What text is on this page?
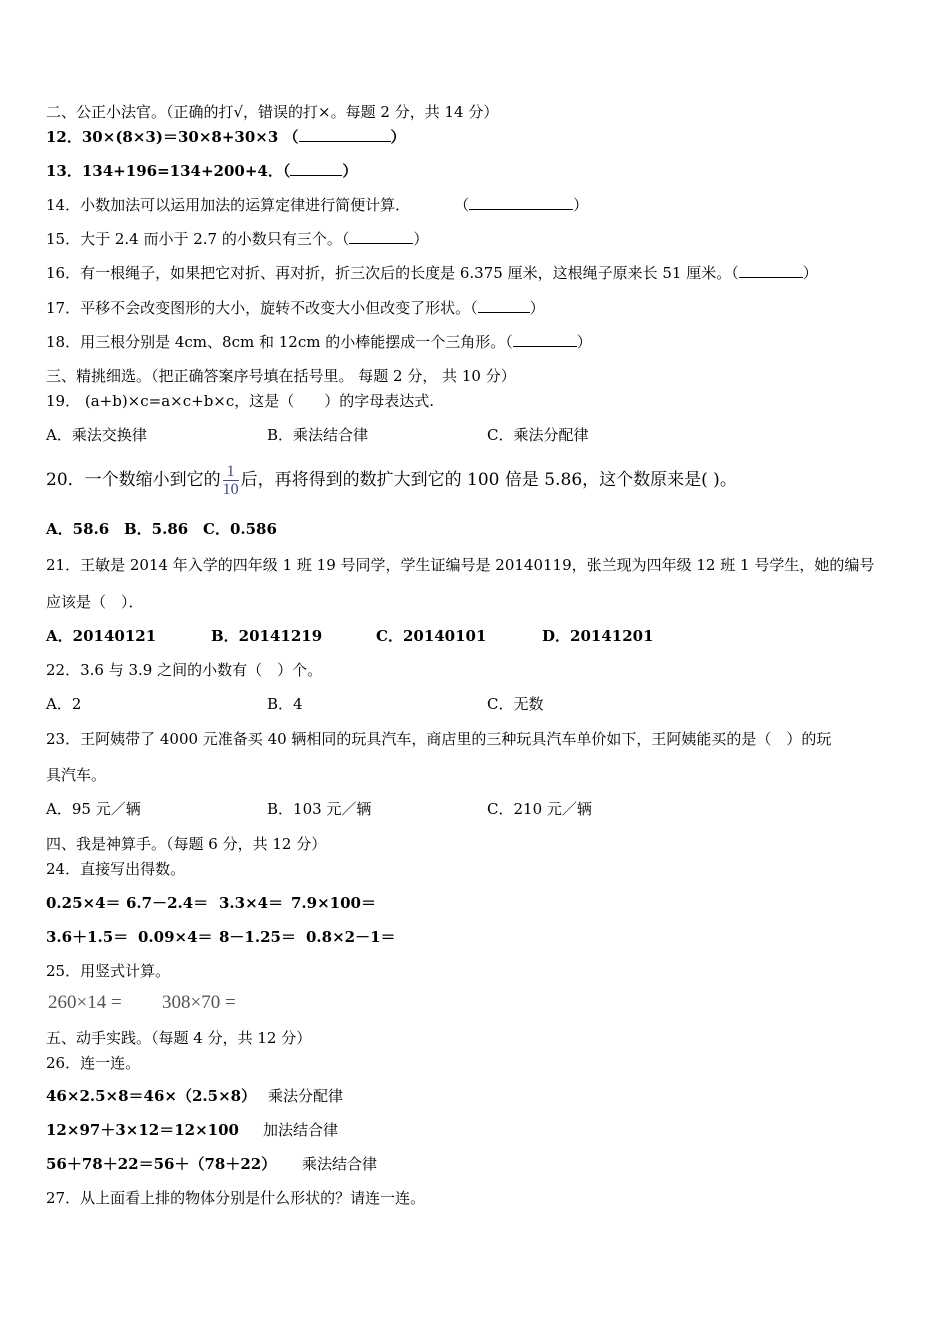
二、公正小法官。（正确的打√，错误的打×。每题 2 分，共 14 分）
12．30×(8×3)＝30×8+30×3 （	）
13．134+196=134+200+4．（	）
14．小数加法可以运用加法的运算定律进行简便计算．	（	）
15．大于 2.4 而小于 2.7 的小数只有三个。（	）
16．有一根绳子，如果把它对折、再对折，折三次后的长度是 6.375 厘米，这根绳子原来长 51 厘米。（	）
17．平移不会改变图形的大小，旋转不改变大小但改变了形状。（	）
18．用三根分别是 4cm、8cm 和 12cm 的小棒能摆成一个三角形。（	）
三、精挑细选。（把正确答案序号填在括号里。 每题 2 分， 共 10 分）
19． (a+b)×c=a×c+b×c，这是（　　）的字母表达式.
A．乘法交换律	B．乘法结合律	C．乘法分配律
20．一个数缩小到它的 $\frac{1}{10}$ 后，再将得到的数扩大到它的 100 倍是 5.86，这个数原来是( )。
A．58.6 B．5.86 C．0.586
21．王敏是 2014 年入学的四年级 1 班 19 号同学，学生证编号是 20140119，张兰现为四年级 12 班 1 号学生，她的编号
应该是（　）．
A．20140121	B．20141219	C．20140101	D．20141201
22．3.6 与 3.9 之间的小数有（　）个。
A．2	B．4	C．无数
23．王阿姨带了 4000 元准备买 40 辆相同的玩具汽车，商店里的三种玩具汽车单价如下，王阿姨能买的是（　）的玩
具汽车。
A．95 元／辆	B．103 元／辆	C．210 元／辆
四、我是神算手。（每题 6 分，共 12 分）
24．直接写出得数。
0.25×4＝ 6.7－2.4＝ 3.3×4＝ 7.9×100＝
3.6＋1.5＝ 0.09×4＝ 8－1.25＝ 0.8×2－1＝
25．用竖式计算。
260×14 = 308×70 =
五、动手实践。（每题 4 分，共 12 分）
26．连一连。
46×2.5×8＝46×（2.5×8） 乘法分配律
12×97＋3×12＝12×100 加法结合律
56＋78＋22＝56＋（78＋22） 乘法结合律
27．从上面看上排的物体分别是什么形状的？请连一连。
